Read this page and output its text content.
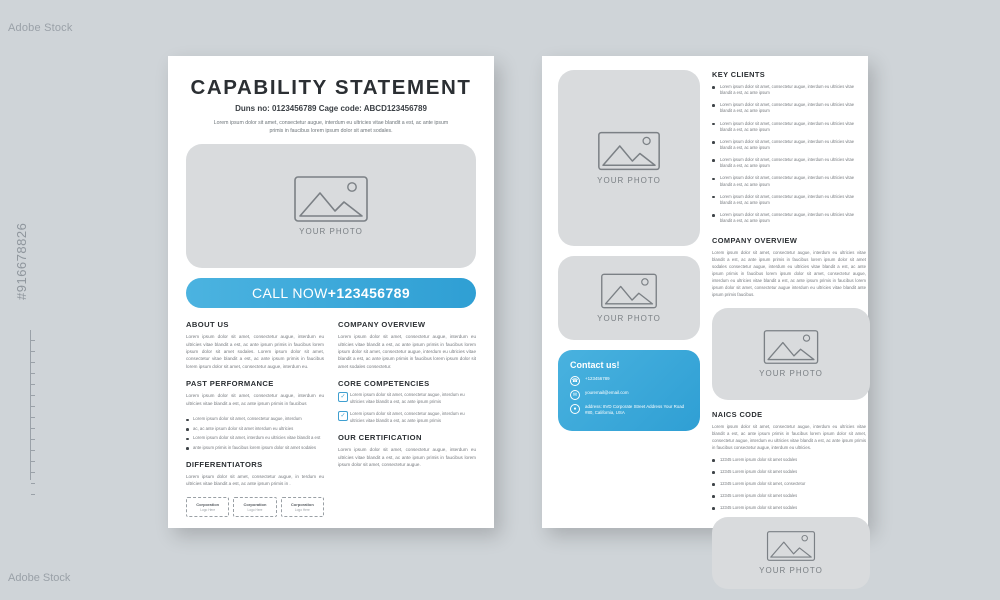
Adobe Stock
#916678826
Adobe Stock
CAPABILITY STATEMENT
Duns no: 0123456789 Cage code: ABCD123456789
Lorem ipsum dolor sit amet, consectetur augue, interdum eu ultricies vitae blandit a est, ac ante ipsum primis in faucibus lorem ipsum dolor sit amet sodales.
YOUR PHOTO
CALL NOW +123456789
ABOUT US
Lorem ipsum dolor sit amet, consectetur augue, interdum eu ultricies vitae blandit a est, ac ante ipsum primis in faucibus lorem ipsum dolor sit amet sodales. Lorem ipsum dolor sit amet, consectetur vitae blandit a est, ac ante ipsum primis in faucibus lorem ipsum dolor sit amet, consectetur augue, interdum eu.
PAST PERFORMANCE
Lorem ipsum dolor sit amet, consectetur augue, interdum eu ultricies vitae blandit a est, ac ante ipsum primis in faucibus
Lorem ipsum dolor sit amet, consectetur augue, interdum
ac, ac ante ipsum dolor sit amet interdum eu ultricies
Lorem ipsum dolor sit amet, interdum eu ultricies vitae blandit a est
ante ipsum primis in faucibus lorem ipsum dolor sit amet sodales
DIFFERENTIATORS
Lorem ipsum dolor sit amet, consectetur augue, in terdum eu ultricies vitae blandit a est, ac ante ipsum primis in .
Corporation
Logo Here
Corporation
Logo Here
Corporation
Logo Here
COMPANY OVERVIEW
Lorem ipsum dolor sit amet, consectetur augue, interdum eu ultricies vitae blandit a est, ac ante ipsum primis in faucibus lorem ipsum dolor sit amet, consectetur augue, interdum eu ultricies vitae blandit a est, ac ante ipsum primis in faucibus lorem ipsum dolor sit amet sodales consectetur.
CORE COMPETENCIES
✓	Lorem ipsum dolor sit amet, consectetur augue, interdum eu ultricies vitae blandit a est, ac ante ipsum primis
✓	Lorem ipsum dolor sit amet, consectetur augue, interdum eu ultricies vitae blandit a est, ac ante ipsum primis
OUR CERTIFICATION
Lorem ipsum dolor sit amet, consectetur augue, interdum eu ultricies vitae blandit a est, ac ante ipsum primis in faucibus lorem ipsum dolor sit amet, consectetur augue.
YOUR PHOTO
YOUR PHOTO
Contact us!
☎	+123456789
✉	youremail@email.com
●	address: 8VD Corporate Street Address Your Road #80, California, USA
KEY CLIENTS
Lorem ipsum dolor sit amet, consectetur augue, interdum eu ultricies vitae blandit a est, ac ante ipsum
Lorem ipsum dolor sit amet, consectetur augue, interdum eu ultricies vitae blandit a est, ac ante ipsum
Lorem ipsum dolor sit amet, consectetur augue, interdum eu ultricies vitae blandit a est, ac ante ipsum
Lorem ipsum dolor sit amet, consectetur augue, interdum eu ultricies vitae blandit a est, ac ante ipsum
Lorem ipsum dolor sit amet, consectetur augue, interdum eu ultricies vitae blandit a est, ac ante ipsum
Lorem ipsum dolor sit amet, consectetur augue, interdum eu ultricies vitae blandit a est, ac ante ipsum
Lorem ipsum dolor sit amet, consectetur augue, interdum eu ultricies vitae blandit a est, ac ante ipsum
Lorem ipsum dolor sit amet, consectetur augue, interdum eu ultricies vitae blandit a est, ac ante ipsum
COMPANY OVERVIEW
Lorem ipsum dolor sit amet, consectetur augue, interdum eu ultricies vitae blandit a est, ac ante ipsum primis in faucibus lorem ipsum dolor sit amet sodales consectetur augue, interdum eu ultricies vitae blandit a est, ac ante ipsum primis in faucibus lorem ipsum dolor sit amet, consectetur augue, interdum eu ultricies vitae blandit a est, ac ante ipsum primis in faucibus lorem ipsum dolor sit amet, consectetur augue interdum eu ultricies vitae blandit ante ipsum primis faucibus.
YOUR PHOTO
NAICS CODE
Lorem ipsum dolor sit amet, consectetur augue, interdum eu ultricies vitae blandit a est, ac ante ipsum primis in faucibus lorem ipsum dolor sit amet, consectetur augue, interdum eu ultricies vitae blandit a est, ac ante ipsum primis in faucibus consectetur augue, interdum eu ultricies.
12345 Lorem ipsum dolor sit amet sodales
12345 Lorem ipsum dolor sit amet sodales
12345 Lorem ipsum dolor sit amet, consectetur
12345 Lorem ipsum dolor sit amet sodales
12345 Lorem ipsum dolor sit amet sodales
YOUR PHOTO
